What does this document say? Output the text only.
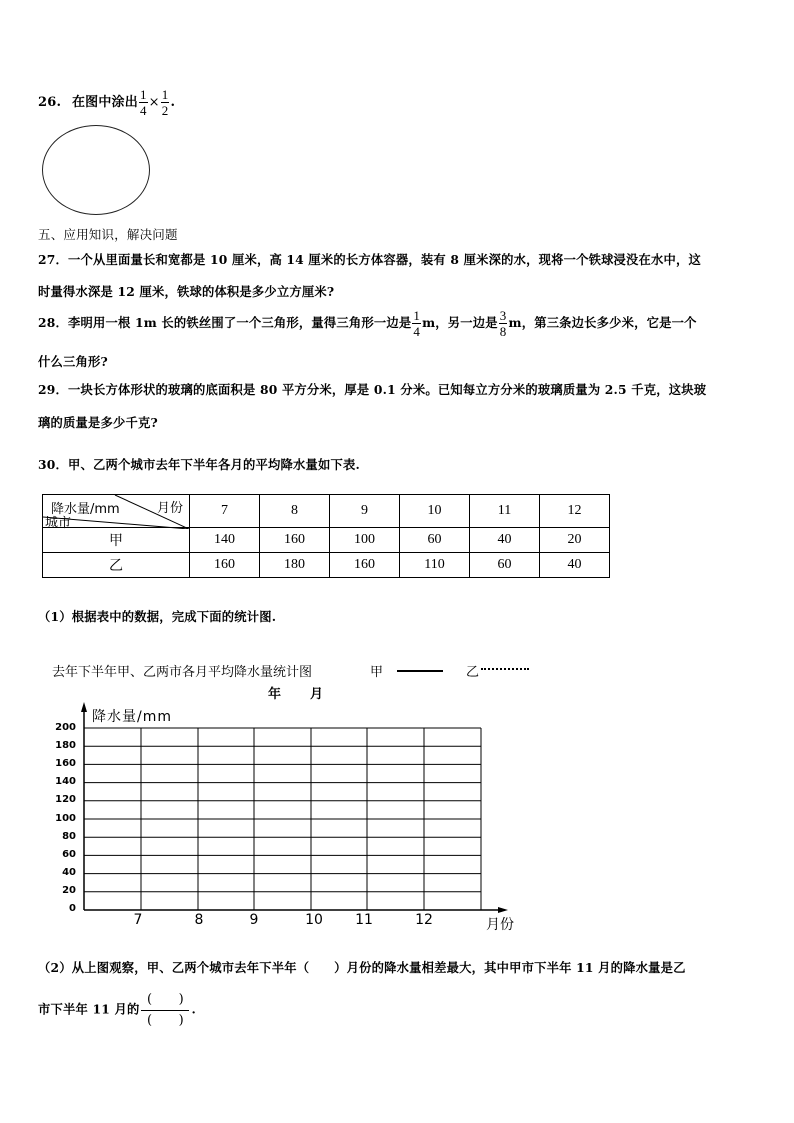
26. 在图中涂出 $\frac{1}{4} \times \frac{1}{2}$ .
五、应用知识，解决问题
27．一个从里面量长和宽都是 10 厘米，高 14 厘米的长方体容器，装有 8 厘米深的水，现将一个铁球浸没在水中，这
时量得水深是 12 厘米，铁球的体积是多少立方厘米?
28．李明用一根 1m 长的铁丝围了一个三角形，量得三角形一边是 $\frac{1}{4}$ m，另一边是 $\frac{3}{8}$ m，第三条边长多少米，它是一个
什么三角形?
29．一块长方体形状的玻璃的底面积是 80 平方分米，厚是 0.1 分米。已知每立方分米的玻璃质量为 2.5 千克，这块玻
璃的质量是多少千克?
30．甲、乙两个城市去年下半年各月的平均降水量如下表.
降水量/mm 月份
城市	7	8	9	10	11	12
甲	140	160	100	60	40	20
乙	160	180	160	110	60	40
（1）根据表中的数据，完成下面的统计图.
去年下半年甲、乙两市各月平均降水量统计图	甲	乙
年 月
降水量/mm
200
180
160
140
120
100
80
60
40
20
0
7	8	9	10	11	12	月份
（2）从上图观察，甲、乙两个城市去年下半年（　　）月份的降水量相差最大，其中甲市下半年 11 月的降水量是乙
市下半年 11 月的 $\frac{( )}{( )}$ .
